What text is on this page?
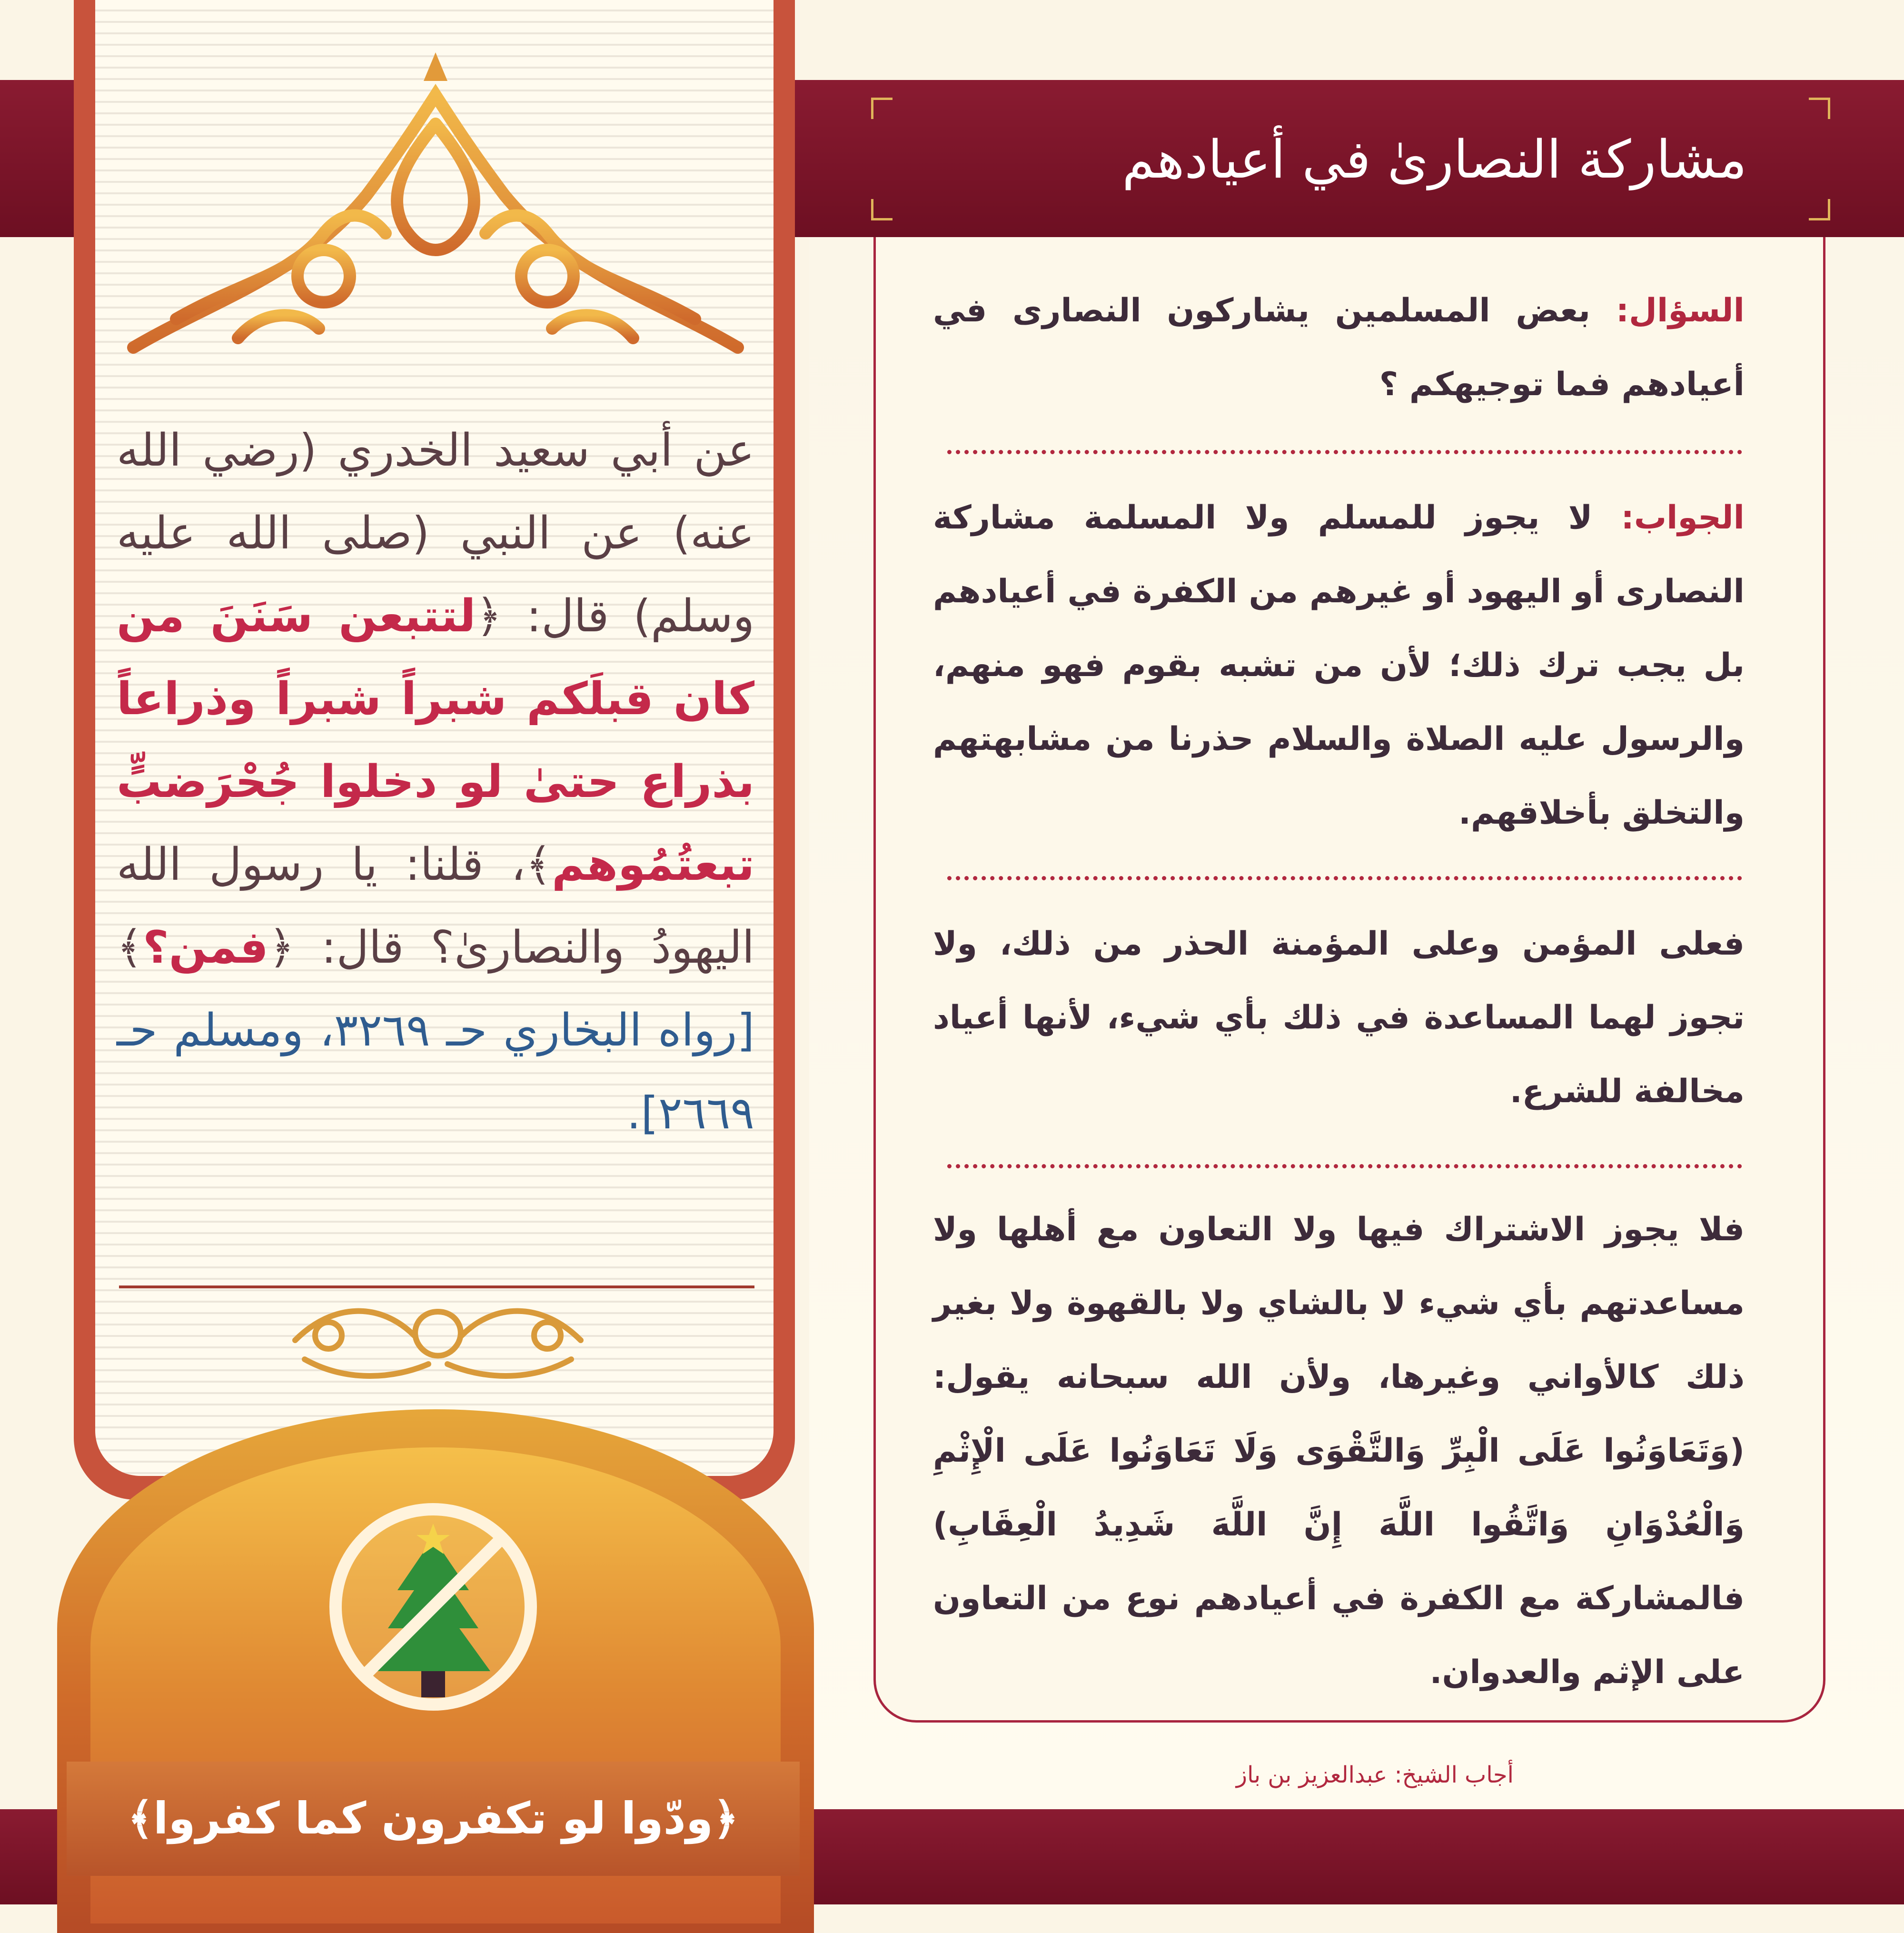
مشاركة النصارىٰ في أعيادهم
السؤال: بعض المسلمين يشاركون النصارى في أعيادهم فما توجيهكم ؟
الجواب: لا يجوز للمسلم ولا المسلمة مشاركة النصارى أو اليهود أو غيرهم من الكفرة في أعيادهم بل يجب ترك ذلك؛ لأن من تشبه بقوم فهو منهم، والرسول عليه الصلاة والسلام حذرنا من مشابهتهم والتخلق بأخلاقهم.
فعلى المؤمن وعلى المؤمنة الحذر من ذلك، ولا تجوز لهما المساعدة في ذلك بأي شيء، لأنها أعياد مخالفة للشرع.
فلا يجوز الاشتراك فيها ولا التعاون مع أهلها ولا مساعدتهم بأي شيء لا بالشاي ولا بالقهوة ولا بغير ذلك كالأواني وغيرها، ولأن الله سبحانه يقول: (وَتَعَاوَنُوا عَلَى الْبِرِّ وَالتَّقْوَى وَلَا تَعَاوَنُوا عَلَى الْإِثْمِ وَالْعُدْوَانِ وَاتَّقُوا اللَّهَ إِنَّ اللَّهَ شَدِيدُ الْعِقَابِ) فالمشاركة مع الكفرة في أعيادهم نوع من التعاون على الإثم والعدوان.
أجاب الشيخ: عبدالعزيز بن باز
عن أبي سعيد الخدري (رضي الله عنه) عن النبي (صلى الله عليه وسلم) قال: ﴿لتتبعن سَنَنَ من كان قبلَكم شبراً شبراً وذراعاً بذراع حتىٰ لو دخلوا جُحْرَضبٍّ تبعتُمُوهم﴾، قلنا: يا رسول الله اليهودُ والنصارىٰ؟ قال: ﴿فمن؟﴾ [رواه البخاري حـ ٣٢٦٩، ومسلم حـ ٢٦٦٩].
﴿ودّوا لو تكفرون كما كفروا﴾
